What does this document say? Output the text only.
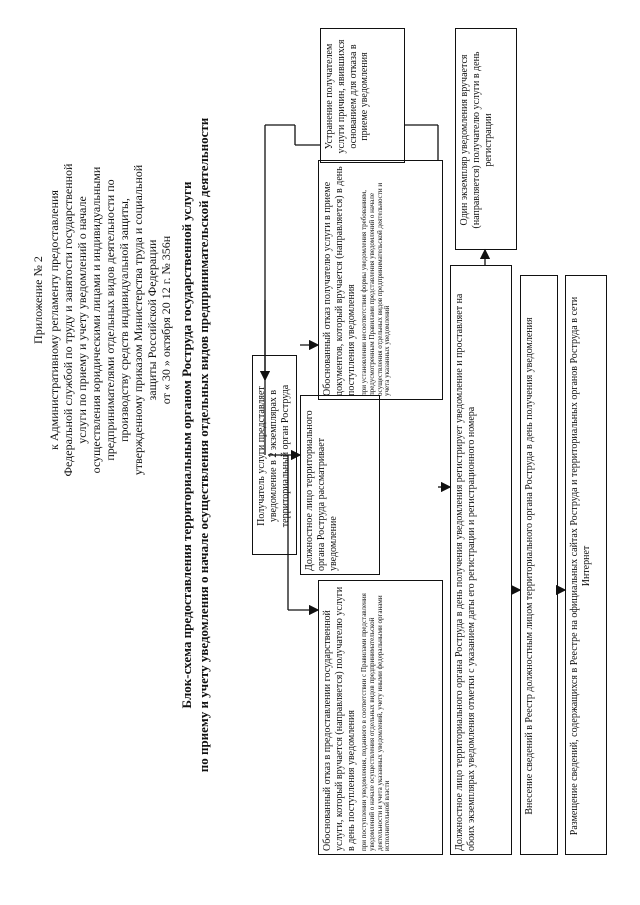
Приложение № 2 к Административному регламенту предоставления Федеральной службой по труду и занятости государственной услуги по приему и учету уведомлений о начале осуществления юридическими лицами и индивидуальными предпринимателями отдельных видов деятельности по производству средств индивидуальной защиты, утвержденному приказом Министерства труда и социальной защиты Российской Федерации от « 30 » октября 20 12 г. № 356н Блок-схема предоставления территориальным органом Роструда государственной услуги по приему и учету уведомления о начале осуществления отдельных видов предпринимательской деятельности	Получатель услуги представляет уведомление в 2 экземплярах в территориальный орган Роструда	Должностное лицо территориального органа Роструда рассматривает уведомление
Обоснованный отказ в предоставлении государственной услуги, который вручается (направляется) получателю услуги в день поступления уведомления при поступлении уведомления, поданного в соответствии с Правилами представления уведомлений о начале осуществления отдельных видов предпринимательской деятельности и учета указанных уведомлений, учету иными федеральными органами исполнительной власти
Обоснованный отказ получателю услуги в приеме документов, который вручается (направляется) в день поступления уведомления при установлении несоответствия формы уведомления требованиям, предусмотренным Правилами представления уведомлений о начале осуществления отдельных видов предпринимательской деятельности и учета указанных уведомлений
Устранение получателем услуги причин, явившихся основанием для отказа в приеме уведомления
Должностное лицо территориального органа Роструда в день получения уведомления регистрирует уведомление и проставляет на обоих экземплярах уведомления отметки с указанием даты его регистрации и регистрационного номера
Один экземпляр уведомления вручается (направляется) получателю услуги в день регистрации
Внесение сведений в Реестр должностным лицом территориального органа Роструда в день получения уведомления	Размещение сведений, содержащихся в Реестре на официальных сайтах Роструда и территориальных органов Роструда в сети Интернет
